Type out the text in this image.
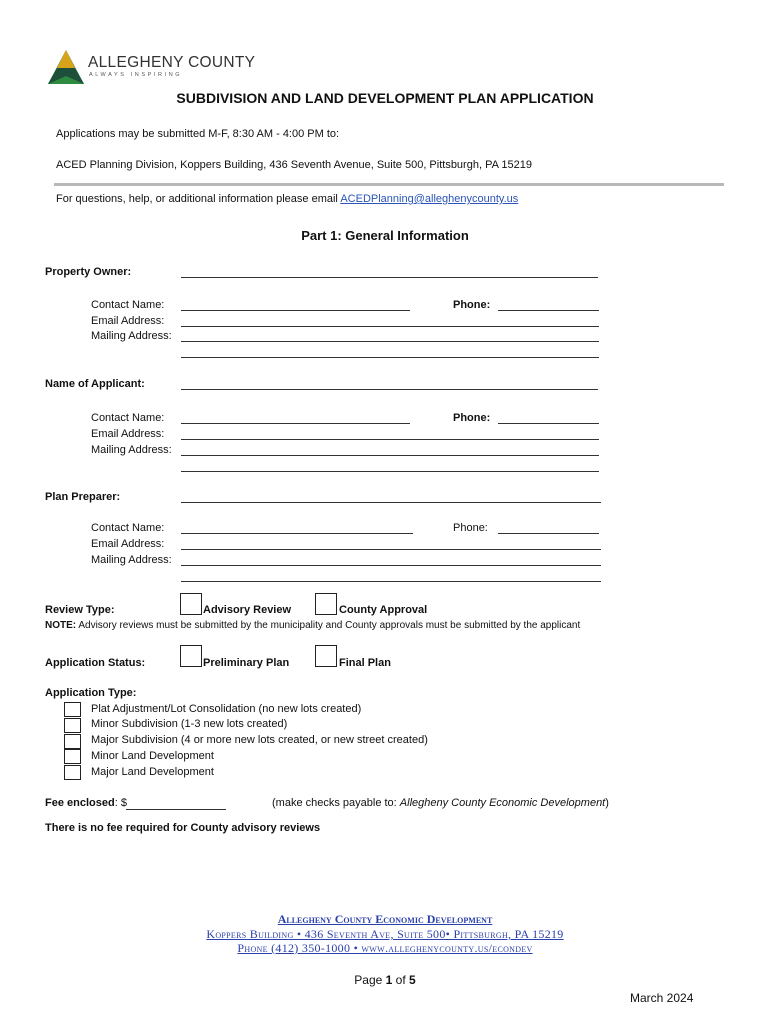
ALLEGHENY COUNTY
ALWAYS INSPIRING
SUBDIVISION AND LAND DEVELOPMENT PLAN APPLICATION
Applications may be submitted M-F, 8:30 AM - 4:00 PM to:
ACED Planning Division, Koppers Building, 436 Seventh Avenue, Suite 500, Pittsburgh, PA 15219
For questions, help, or additional information please email ACEDPlanning@alleghenycounty.us
Part 1: General Information
Property Owner:
Contact Name:	Phone:
Email Address:
Mailing Address:
Name of Applicant:
Contact Name:	Phone:
Email Address:
Mailing Address:
Plan Preparer:
Contact Name:	Phone:
Email Address:
Mailing Address:
Review Type:	Advisory Review	County Approval
NOTE: Advisory reviews must be submitted by the municipality and County approvals must be submitted by the applicant
Application Status:	Preliminary Plan	Final Plan
Application Type:
Plat Adjustment/Lot Consolidation (no new lots created)
Minor Subdivision (1-3 new lots created)
Major Subdivision (4 or more new lots created, or new street created)
Minor Land Development
Major Land Development
Fee enclosed: $	(make checks payable to: Allegheny County Economic Development)
There is no fee required for County advisory reviews
Allegheny County Economic Development
Koppers Building • 436 Seventh Ave, Suite 500• Pittsburgh, PA 15219
Phone (412) 350-1000 • www.alleghenycounty.us/econdev
Page 1 of 5
March 2024
